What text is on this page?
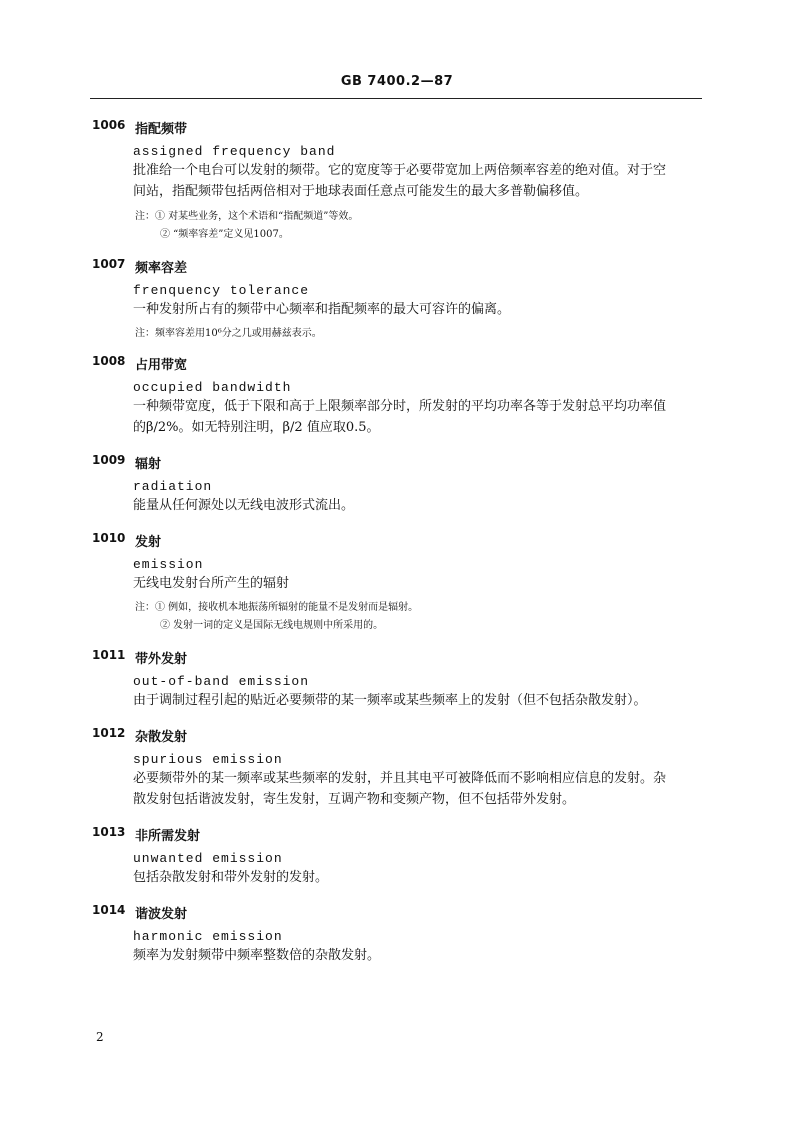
GB 7400.2—87
1006 指配频带
assigned frequency band
批准给一个电台可以发射的频带。它的宽度等于必要带宽加上两倍频率容差的绝对值。对于空
间站，指配频带包括两倍相对于地球表面任意点可能发生的最大多普勒偏移值。
注：① 对某些业务，这个术语和“指配频道”等效。
② “频率容差”定义见1007。
1007 频率容差
frenquency tolerance
一种发射所占有的频带中心频率和指配频率的最大可容许的偏离。
注：频率容差用10⁶分之几或用赫兹表示。
1008 占用带宽
occupied bandwidth
一种频带宽度，低于下限和高于上限频率部分时，所发射的平均功率各等于发射总平均功率值
的β/2%。如无特别注明，β/2 值应取0.5。
1009 辐射
radiation
能量从任何源处以无线电波形式流出。
1010 发射
emission
无线电发射台所产生的辐射
注：① 例如，接收机本地振荡所辐射的能量不是发射而是辐射。
② 发射一词的定义是国际无线电规则中所采用的。
1011 带外发射
out-of-band emission
由于调制过程引起的贴近必要频带的某一频率或某些频率上的发射（但不包括杂散发射）。
1012 杂散发射
spurious emission
必要频带外的某一频率或某些频率的发射，并且其电平可被降低而不影响相应信息的发射。杂
散发射包括谐波发射，寄生发射，互调产物和变频产物，但不包括带外发射。
1013 非所需发射
unwanted emission
包括杂散发射和带外发射的发射。
1014 谐波发射
harmonic emission
频率为发射频带中频率整数倍的杂散发射。
2
